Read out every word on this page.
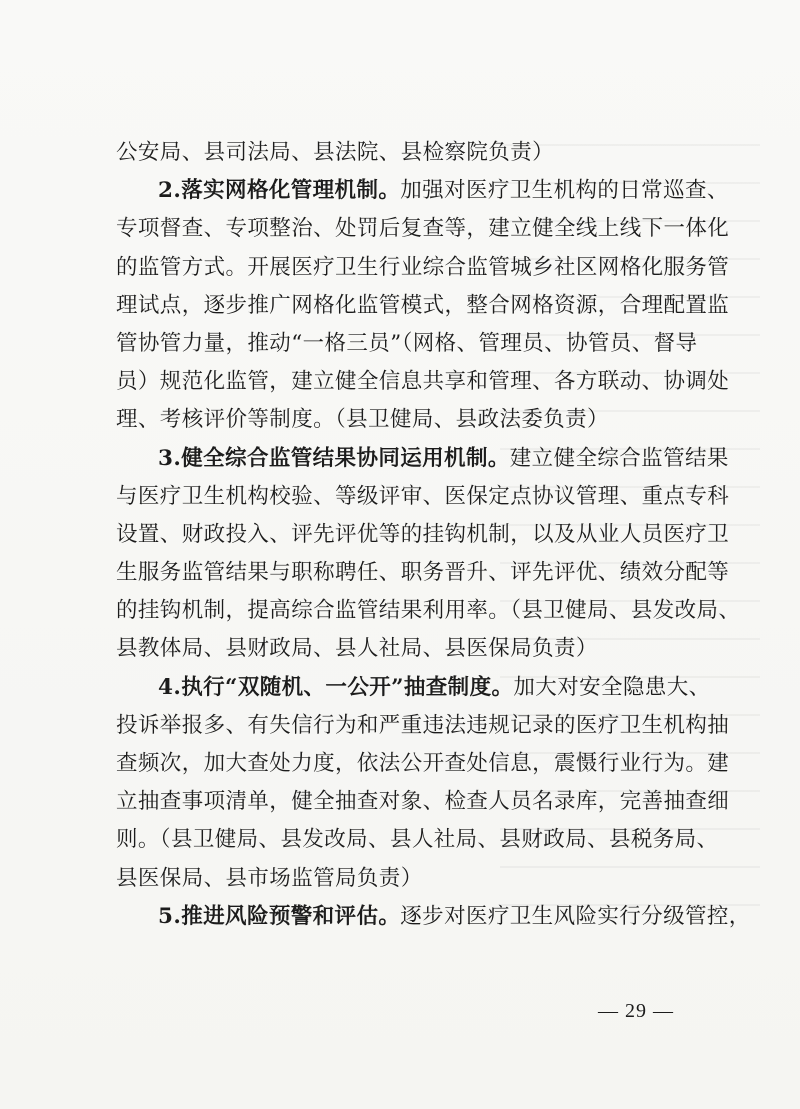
公安局、县司法局、县法院、县检察院负责）
2.落实网格化管理机制。加强对医疗卫生机构的日常巡查、
专项督查、专项整治、处罚后复查等，建立健全线上线下一体化
的监管方式。开展医疗卫生行业综合监管城乡社区网格化服务管
理试点，逐步推广网格化监管模式，整合网格资源，合理配置监
管协管力量，推动“一格三员”（网格、管理员、协管员、督导
员）规范化监管，建立健全信息共享和管理、各方联动、协调处
理、考核评价等制度。（县卫健局、县政法委负责）
3.健全综合监管结果协同运用机制。建立健全综合监管结果
与医疗卫生机构校验、等级评审、医保定点协议管理、重点专科
设置、财政投入、评先评优等的挂钩机制，以及从业人员医疗卫
生服务监管结果与职称聘任、职务晋升、评先评优、绩效分配等
的挂钩机制，提高综合监管结果利用率。（县卫健局、县发改局、
县教体局、县财政局、县人社局、县医保局负责）
4.执行“双随机、一公开”抽查制度。加大对安全隐患大、
投诉举报多、有失信行为和严重违法违规记录的医疗卫生机构抽
查频次，加大查处力度，依法公开查处信息，震慑行业行为。建
立抽查事项清单，健全抽查对象、检查人员名录库，完善抽查细
则。（县卫健局、县发改局、县人社局、县财政局、县税务局、
县医保局、县市场监管局负责）
5.推进风险预警和评估。逐步对医疗卫生风险实行分级管控，
— 29 —
